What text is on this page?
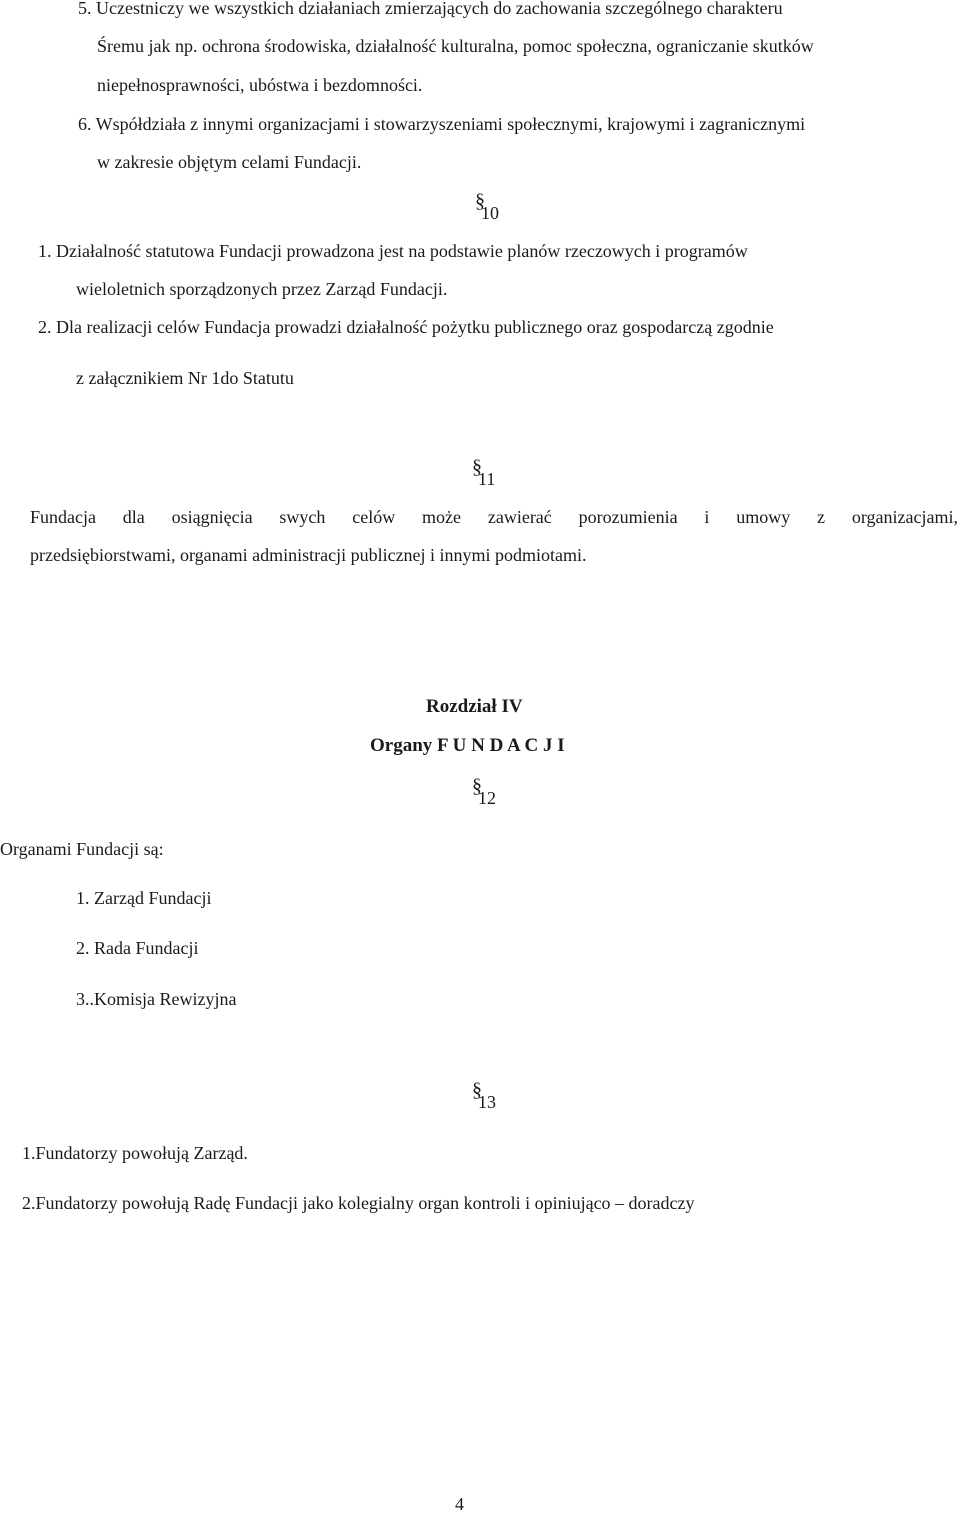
5. Uczestniczy we wszystkich działaniach zmierzających do zachowania szczególnego charakteru
Śremu jak np. ochrona środowiska, działalność kulturalna, pomoc społeczna, ograniczanie skutków
niepełnosprawności, ubóstwa i bezdomności.
6. Współdziała z innymi organizacjami i stowarzyszeniami społecznymi, krajowymi i zagranicznymi
w zakresie objętym celami Fundacji.
§
10
1. Działalność statutowa Fundacji prowadzona jest na podstawie planów rzeczowych i programów
wieloletnich sporządzonych przez Zarząd Fundacji.
2. Dla realizacji celów Fundacja prowadzi działalność pożytku publicznego oraz gospodarczą zgodnie
z załącznikiem Nr 1do Statutu
§
11
Fundacja dla osiągnięcia swych celów może zawierać porozumienia i umowy z organizacjami,
przedsiębiorstwami, organami administracji publicznej i innymi podmiotami.
Rozdział IV
Organy F U N D A C J I
§
12
Organami Fundacji są:
1. Zarząd Fundacji
2. Rada Fundacji
3..Komisja Rewizyjna
§
13
1.Fundatorzy powołują Zarząd.
2.Fundatorzy powołują Radę Fundacji jako kolegialny organ kontroli i opiniująco – doradczy
4
